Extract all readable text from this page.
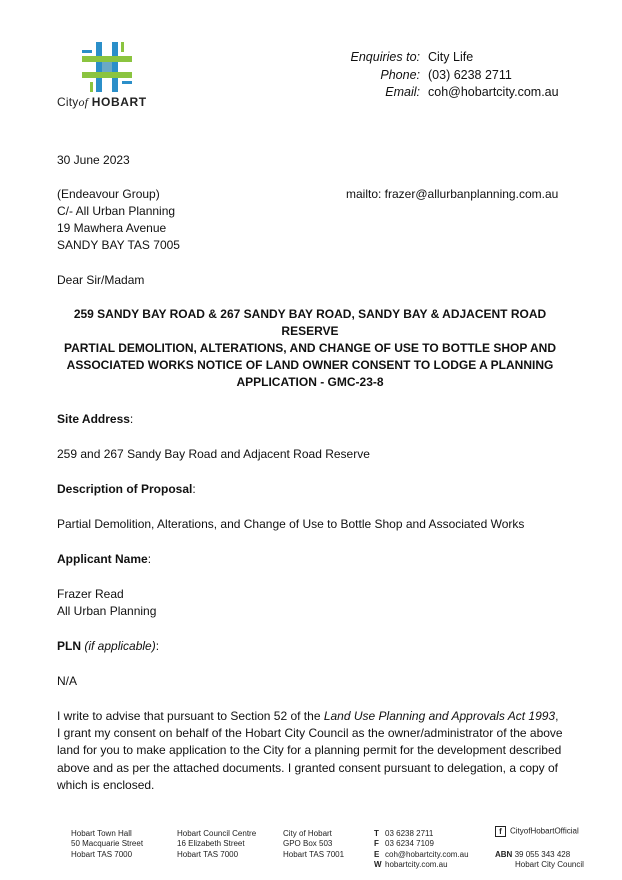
Cityof HOBART
Enquiries to: City Life
Phone: (03) 6238 2711
Email: coh@hobartcity.com.au
30 June 2023
(Endeavour Group)
C/- All Urban Planning
19 Mawhera Avenue
SANDY BAY TAS 7005
mailto: frazer@allurbanplanning.com.au
Dear Sir/Madam

259 SANDY BAY ROAD & 267 SANDY BAY ROAD, SANDY BAY & ADJACENT ROAD RESERVE

PARTIAL DEMOLITION, ALTERATIONS, AND CHANGE OF USE TO BOTTLE SHOP AND ASSOCIATED WORKS NOTICE OF LAND OWNER CONSENT TO LODGE A PLANNING APPLICATION - GMC-23-8

Site Address:
259 and 267 Sandy Bay Road and Adjacent Road Reserve
Description of Proposal:
Partial Demolition, Alterations, and Change of Use to Bottle Shop and Associated Works
Applicant Name:
Frazer Read
All Urban Planning
PLN (if applicable):
N/A
I write to advise that pursuant to Section 52 of the Land Use Planning and Approvals Act 1993, I grant my consent on behalf of the Hobart City Council as the owner/administrator of the above land for you to make application to the City for a planning permit for the development described above and as per the attached documents. I granted consent pursuant to delegation, a copy of which is enclosed.
Hobart Town Hall
50 Macquarie Street
Hobart TAS 7000
Hobart Council Centre
16 Elizabeth Street
Hobart TAS 7000
City of Hobart
GPO Box 503
Hobart TAS 7001
T 03 6238 2711
F 03 6234 7109
E coh@hobartcity.com.au
W hobartcity.com.au
f CityofHobartOfficial
ABN 39 055 343 428
Hobart City Council
